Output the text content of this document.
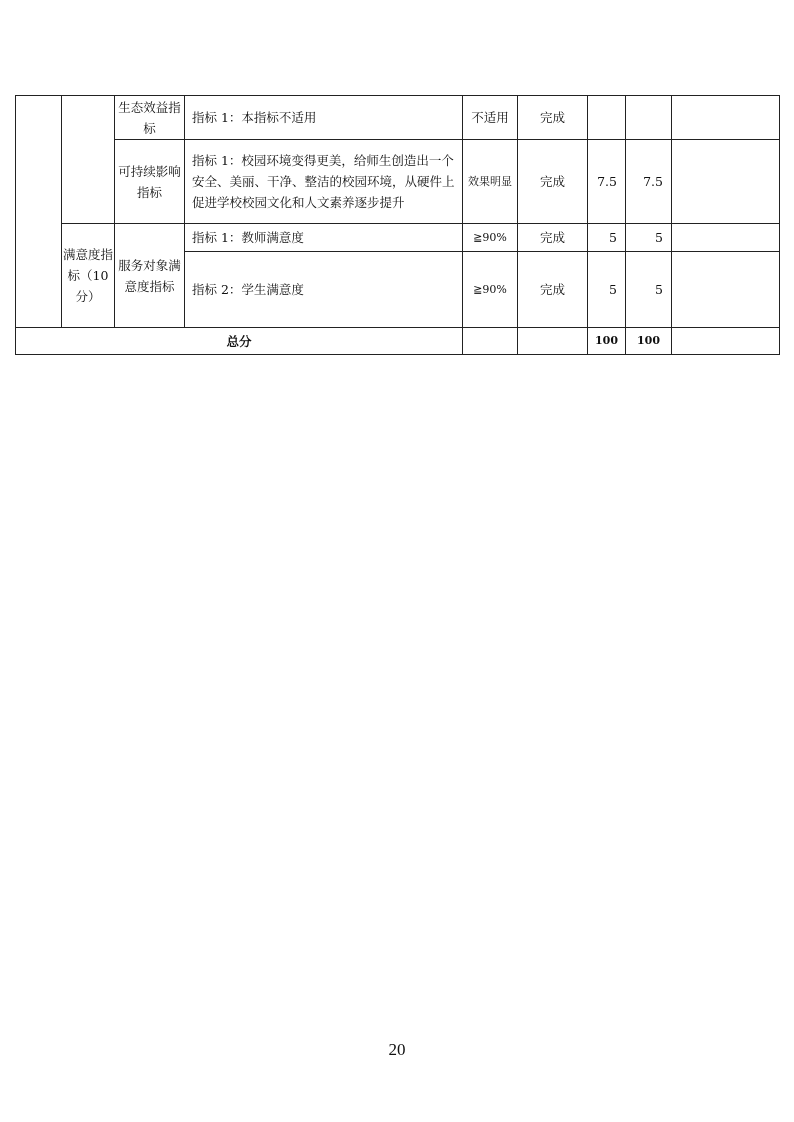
		生态效益指标	指标 1：本指标不适用	不适用	完成			
		可持续影响指标	指标 1：校园环境变得更美，给师生创造出一个安全、美丽、干净、整洁的校园环境，从硬件上促进学校校园文化和人文素养逐步提升	效果明显	完成	7.5	7.5	
	满意度指标（10分）	服务对象满意度指标	指标 1：教师满意度	≧90%	完成	5	5	
			指标 2：学生满意度	≧90%	完成	5	5	
总分						100	100	
20
